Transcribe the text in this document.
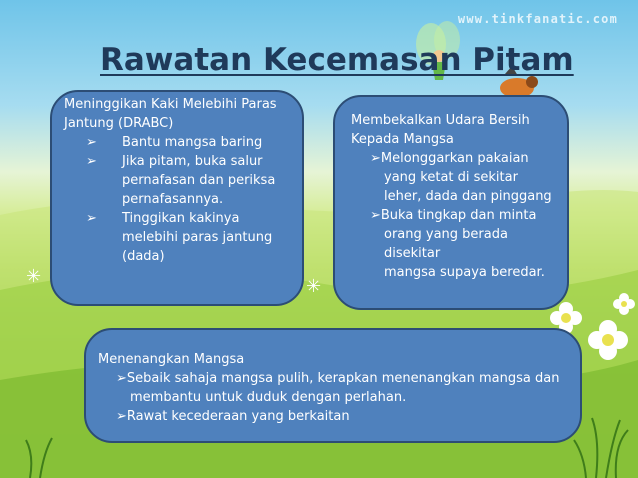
www.tinkfanatic.com
Rawatan Kecemasan Pitam
✳	✳

Meninggikan Kaki Melebihi Paras
Jantung (DRABC)

➢ Bantu mangsa baring
➢ Jika pitam, buka salur
pernafasan dan periksa
pernafasannya.
➢ Tinggikan kakinya
melebihi paras jantung
(dada)

Membekalkan Udara Bersih
Kepada Mangsa

➢Melonggarkan pakaian
yang ketat di sekitar
leher, dada dan pinggang

➢Buka tingkap dan minta
orang yang berada disekitar
mangsa supaya beredar.

Menenangkan Mangsa

➢Sebaik sahaja mangsa pulih, kerapkan menenangkan mangsa dan
membantu untuk duduk dengan perlahan.

➢Rawat kecederaan yang berkaitan
